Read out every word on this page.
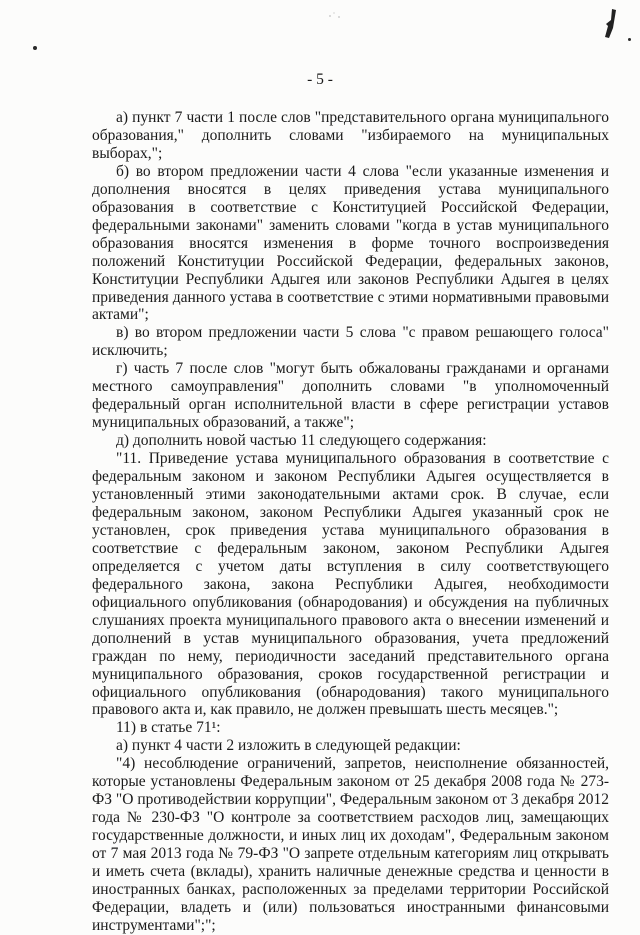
- 5 -

а) пункт 7 части 1 после слов "представительного органа муниципального образования," дополнить словами "избираемого на муниципальных выборах,";

б) во втором предложении части 4 слова "если указанные изменения и дополнения вносятся в целях приведения устава муниципального образования в соответствие с Конституцией Российской Федерации, федеральными законами" заменить словами "когда в устав муниципального образования вносятся изменения в форме точного воспроизведения положений Конституции Российской Федерации, федеральных законов, Конституции Республики Адыгея или законов Республики Адыгея в целях приведения данного устава в соответствие с этими нормативными правовыми актами";

в) во втором предложении части 5 слова "с правом решающего голоса" исключить;

г) часть 7 после слов "могут быть обжалованы гражданами и органами местного самоуправления" дополнить словами "в уполномоченный федеральный орган исполнительной власти в сфере регистрации уставов муниципальных образований, а также";

д) дополнить новой частью 11 следующего содержания:

"11. Приведение устава муниципального образования в соответствие с федеральным законом и законом Республики Адыгея осуществляется в установленный этими законодательными актами срок. В случае, если федеральным законом, законом Республики Адыгея указанный срок не установлен, срок приведения устава муниципального образования в соответствие с федеральным законом, законом Республики Адыгея определяется с учетом даты вступления в силу соответствующего федерального закона, закона Республики Адыгея, необходимости официального опубликования (обнародования) и обсуждения на публичных слушаниях проекта муниципального правового акта о внесении изменений и дополнений в устав муниципального образования, учета предложений граждан по нему, периодичности заседаний представительного органа муниципального образования, сроков государственной регистрации и официального опубликования (обнародования) такого муниципального правового акта и, как правило, не должен превышать шесть месяцев.";

11) в статье 71¹:

а) пункт 4 части 2 изложить в следующей редакции:

"4) несоблюдение ограничений, запретов, неисполнение обязанностей, которые установлены Федеральным законом от 25 декабря 2008 года № 273-ФЗ "О противодействии коррупции", Федеральным законом от 3 декабря 2012 года № 230-ФЗ "О контроле за соответствием расходов лиц, замещающих государственные должности, и иных лиц их доходам", Федеральным законом от 7 мая 2013 года № 79-ФЗ "О запрете отдельным категориям лиц открывать и иметь счета (вклады), хранить наличные денежные средства и ценности в иностранных банках, расположенных за пределами территории Российской Федерации, владеть и (или) пользоваться иностранными финансовыми инструментами";";
